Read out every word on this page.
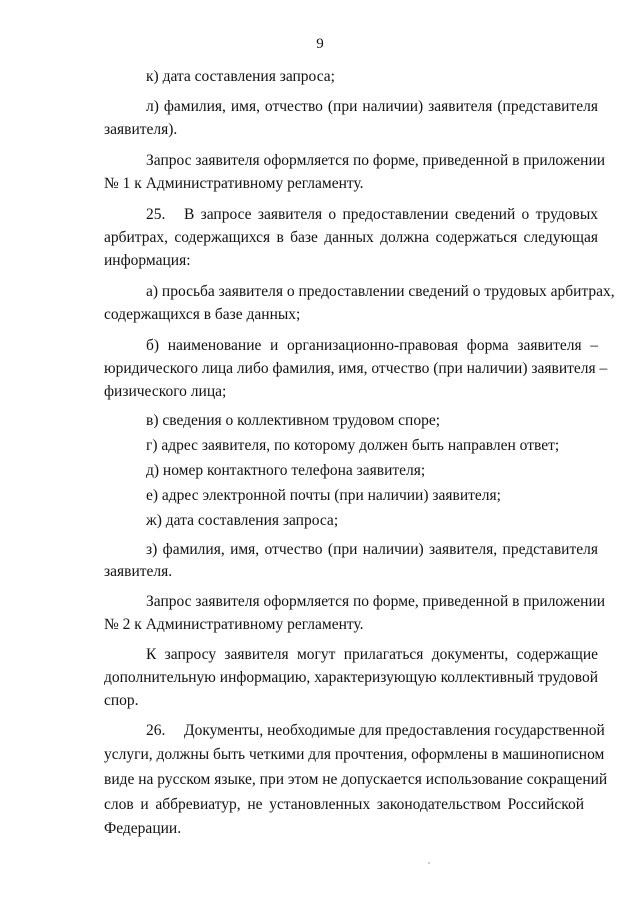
9

к) дата составления запроса;

л) фамилия, имя, отчество (при наличии) заявителя (представителя

заявителя).

Запрос заявителя оформляется по форме, приведенной в приложении

№ 1 к Административному регламенту.

25. В запросе заявителя о предоставлении сведений о трудовых

арбитрах, содержащихся в базе данных должна содержаться следующая

информация:

а) просьба заявителя о предоставлении сведений о трудовых арбитрах,

содержащихся в базе данных;

б) наименование и организационно-правовая форма заявителя –

юридического лица либо фамилия, имя, отчество (при наличии) заявителя –

физического лица;

в) сведения о коллективном трудовом споре;

г) адрес заявителя, по которому должен быть направлен ответ;

д) номер контактного телефона заявителя;

е) адрес электронной почты (при наличии) заявителя;

ж) дата составления запроса;

з) фамилия, имя, отчество (при наличии) заявителя, представителя

заявителя.

Запрос заявителя оформляется по форме, приведенной в приложении

№ 2 к Административному регламенту.

К запросу заявителя могут прилагаться документы, содержащие

дополнительную информацию, характеризующую коллективный трудовой

спор.

26. Документы, необходимые для предоставления государственной

услуги, должны быть четкими для прочтения, оформлены в машинописном

виде на русском языке, при этом не допускается использование сокращений

слов и аббревиатур, не установленных законодательством Российской

Федерации.
